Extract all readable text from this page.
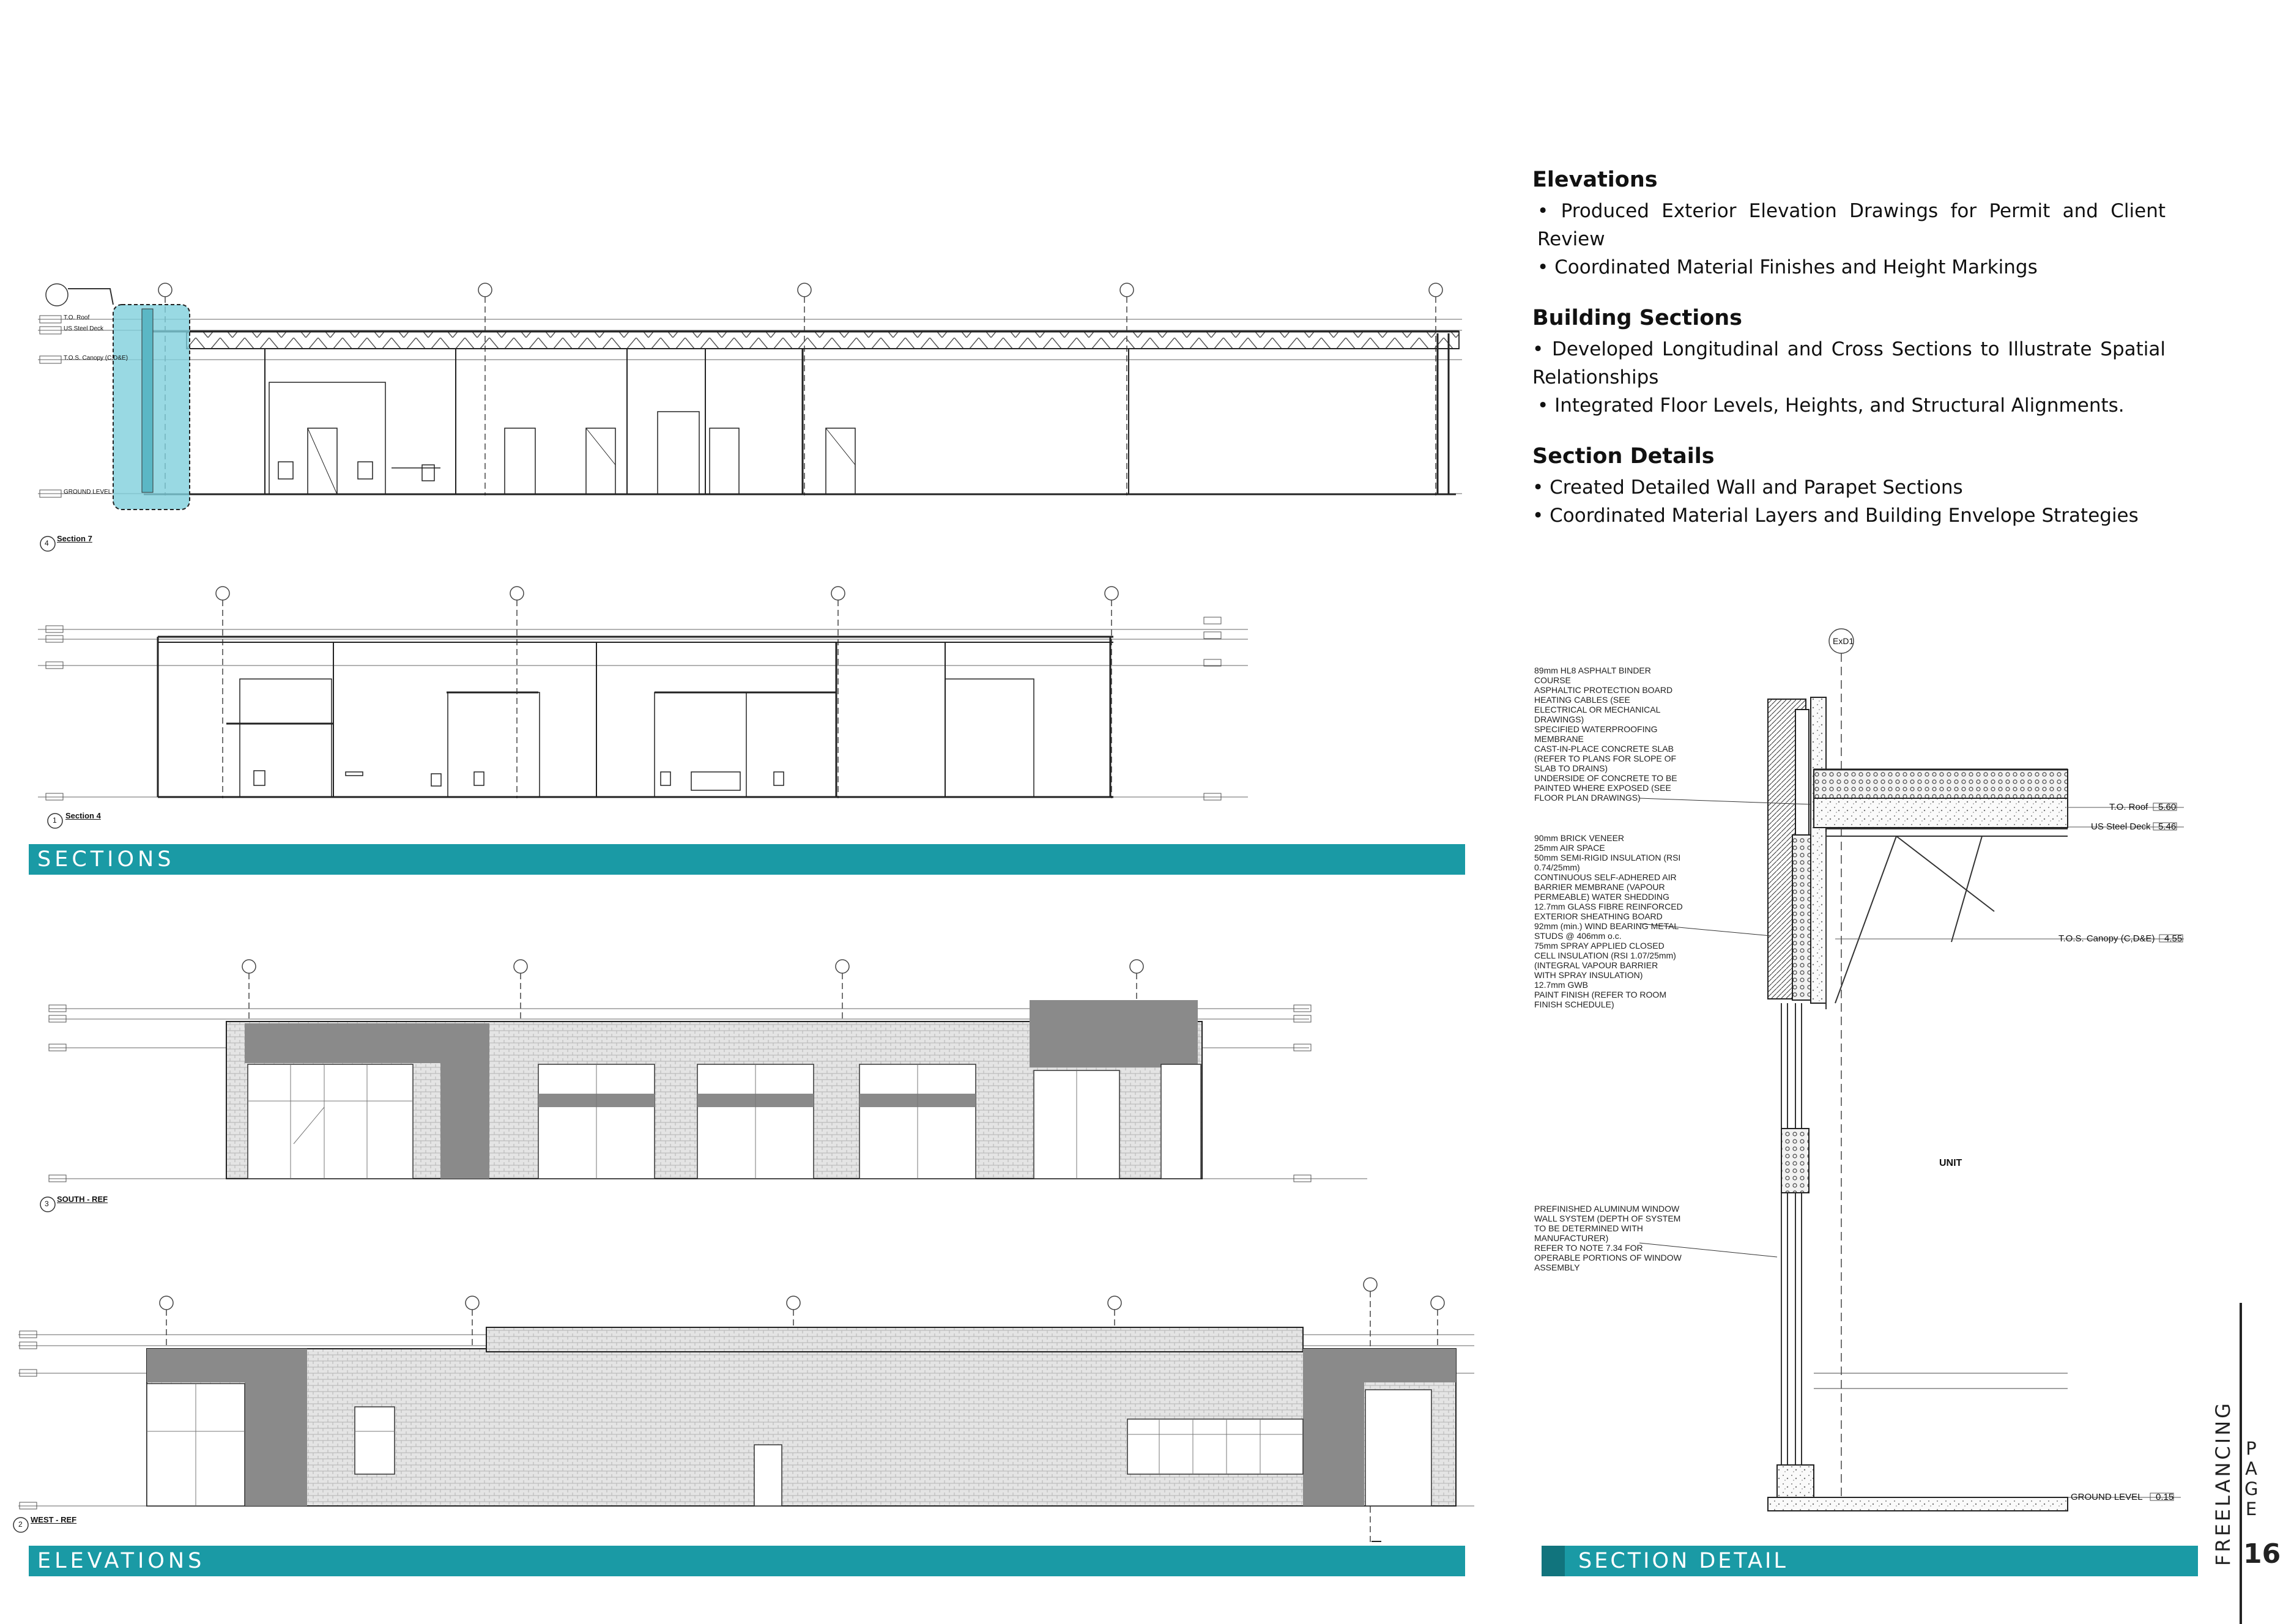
Section 7
4
Section 4
1
SOUTH - REF
3
WEST - REF
2
T.O. Roof
US Steel Deck
T.O.S. Canopy (C,D&E)
GROUND LEVEL
ExD1
89mm HL8 ASPHALT BINDER
COURSE
ASPHALTIC PROTECTION BOARD
HEATING CABLES (SEE
ELECTRICAL OR MECHANICAL
DRAWINGS)
SPECIFIED WATERPROOFING
MEMBRANE
CAST-IN-PLACE CONCRETE SLAB
(REFER TO PLANS FOR SLOPE OF
SLAB TO DRAINS)
UNDERSIDE OF CONCRETE TO BE
PAINTED WHERE EXPOSED (SEE
FLOOR PLAN DRAWINGS)
90mm BRICK VENEER
25mm AIR SPACE
50mm SEMI-RIGID INSULATION (RSI
0.74/25mm)
CONTINUOUS SELF-ADHERED AIR
BARRIER MEMBRANE (VAPOUR
PERMEABLE) WATER SHEDDING
12.7mm GLASS FIBRE REINFORCED
EXTERIOR SHEATHING BOARD
92mm (min.) WIND BEARING METAL
STUDS @ 406mm o.c.
75mm SPRAY APPLIED CLOSED
CELL INSULATION (RSI 1.07/25mm)
(INTEGRAL VAPOUR BARRIER
WITH SPRAY INSULATION)
12.7mm GWB
PAINT FINISH (REFER TO ROOM
FINISH SCHEDULE)
PREFINISHED ALUMINUM WINDOW
WALL SYSTEM (DEPTH OF SYSTEM
TO BE DETERMINED WITH
MANUFACTURER)
REFER TO NOTE 7.34 FOR
OPERABLE PORTIONS OF WINDOW
ASSEMBLY
UNIT
T.O. Roof 5.60
US Steel Deck 5.46
T.O.S. Canopy (C,D&E) 4.55
GROUND LEVEL 0.15
Elevations

• Produced Exterior Elevation Drawings for Permit and Client Review

• Coordinated Material Finishes and Height Markings

Building Sections

• Developed Longitudinal and Cross Sections to Illustrate Spatial Relationships

• Integrated Floor Levels, Heights, and Structural Alignments.

Section Details

• Created Detailed Wall and Parapet Sections

• Coordinated Material Layers and Building Envelope Strategies

SECTIONS
ELEVATIONS	SECTION DETAIL	FREELANCING PAGE
16
